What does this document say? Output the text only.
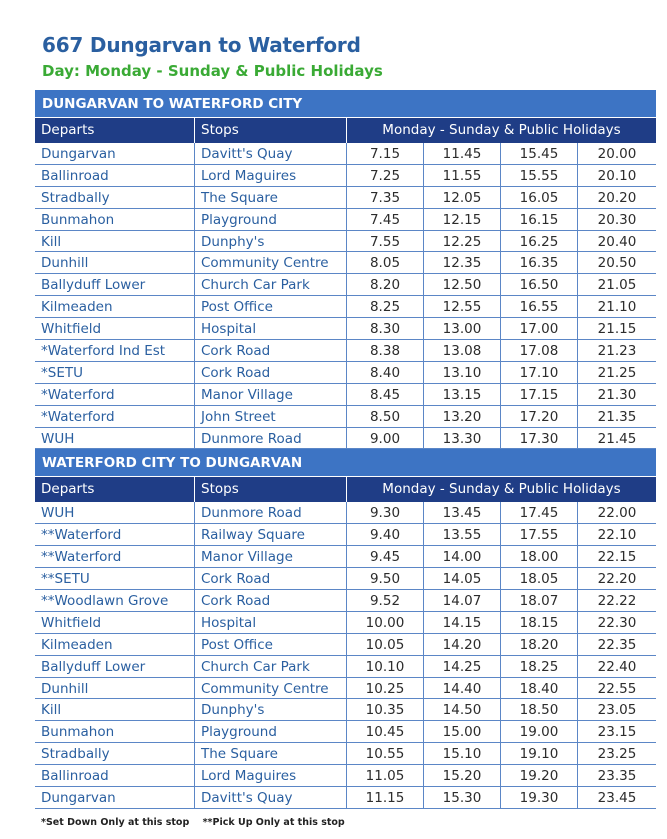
667 Dungarvan to Waterford
Day: Monday - Sunday & Public Holidays
DUNGARVAN TO WATERFORD CITY
Departs	Stops	Monday - Sunday & Public Holidays
Dungarvan	Davitt's Quay	7.15	11.45	15.45	20.00
Ballinroad	Lord Maguires	7.25	11.55	15.55	20.10
Stradbally	The Square	7.35	12.05	16.05	20.20
Bunmahon	Playground	7.45	12.15	16.15	20.30
Kill	Dunphy's	7.55	12.25	16.25	20.40
Dunhill	Community Centre	8.05	12.35	16.35	20.50
Ballyduff Lower	Church Car Park	8.20	12.50	16.50	21.05
Kilmeaden	Post Office	8.25	12.55	16.55	21.10
Whitfield	Hospital	8.30	13.00	17.00	21.15
*Waterford Ind Est	Cork Road	8.38	13.08	17.08	21.23
*SETU	Cork Road	8.40	13.10	17.10	21.25
*Waterford	Manor Village	8.45	13.15	17.15	21.30
*Waterford	John Street	8.50	13.20	17.20	21.35
WUH	Dunmore Road	9.00	13.30	17.30	21.45
WATERFORD CITY TO DUNGARVAN
Departs	Stops	Monday - Sunday & Public Holidays
WUH	Dunmore Road	9.30	13.45	17.45	22.00
**Waterford	Railway Square	9.40	13.55	17.55	22.10
**Waterford	Manor Village	9.45	14.00	18.00	22.15
**SETU	Cork Road	9.50	14.05	18.05	22.20
**Woodlawn Grove	Cork Road	9.52	14.07	18.07	22.22
Whitfield	Hospital	10.00	14.15	18.15	22.30
Kilmeaden	Post Office	10.05	14.20	18.20	22.35
Ballyduff Lower	Church Car Park	10.10	14.25	18.25	22.40
Dunhill	Community Centre	10.25	14.40	18.40	22.55
Kill	Dunphy's	10.35	14.50	18.50	23.05
Bunmahon	Playground	10.45	15.00	19.00	23.15
Stradbally	The Square	10.55	15.10	19.10	23.25
Ballinroad	Lord Maguires	11.05	15.20	19.20	23.35
Dungarvan	Davitt's Quay	11.15	15.30	19.30	23.45
*Set Down Only at this stop **Pick Up Only at this stop
